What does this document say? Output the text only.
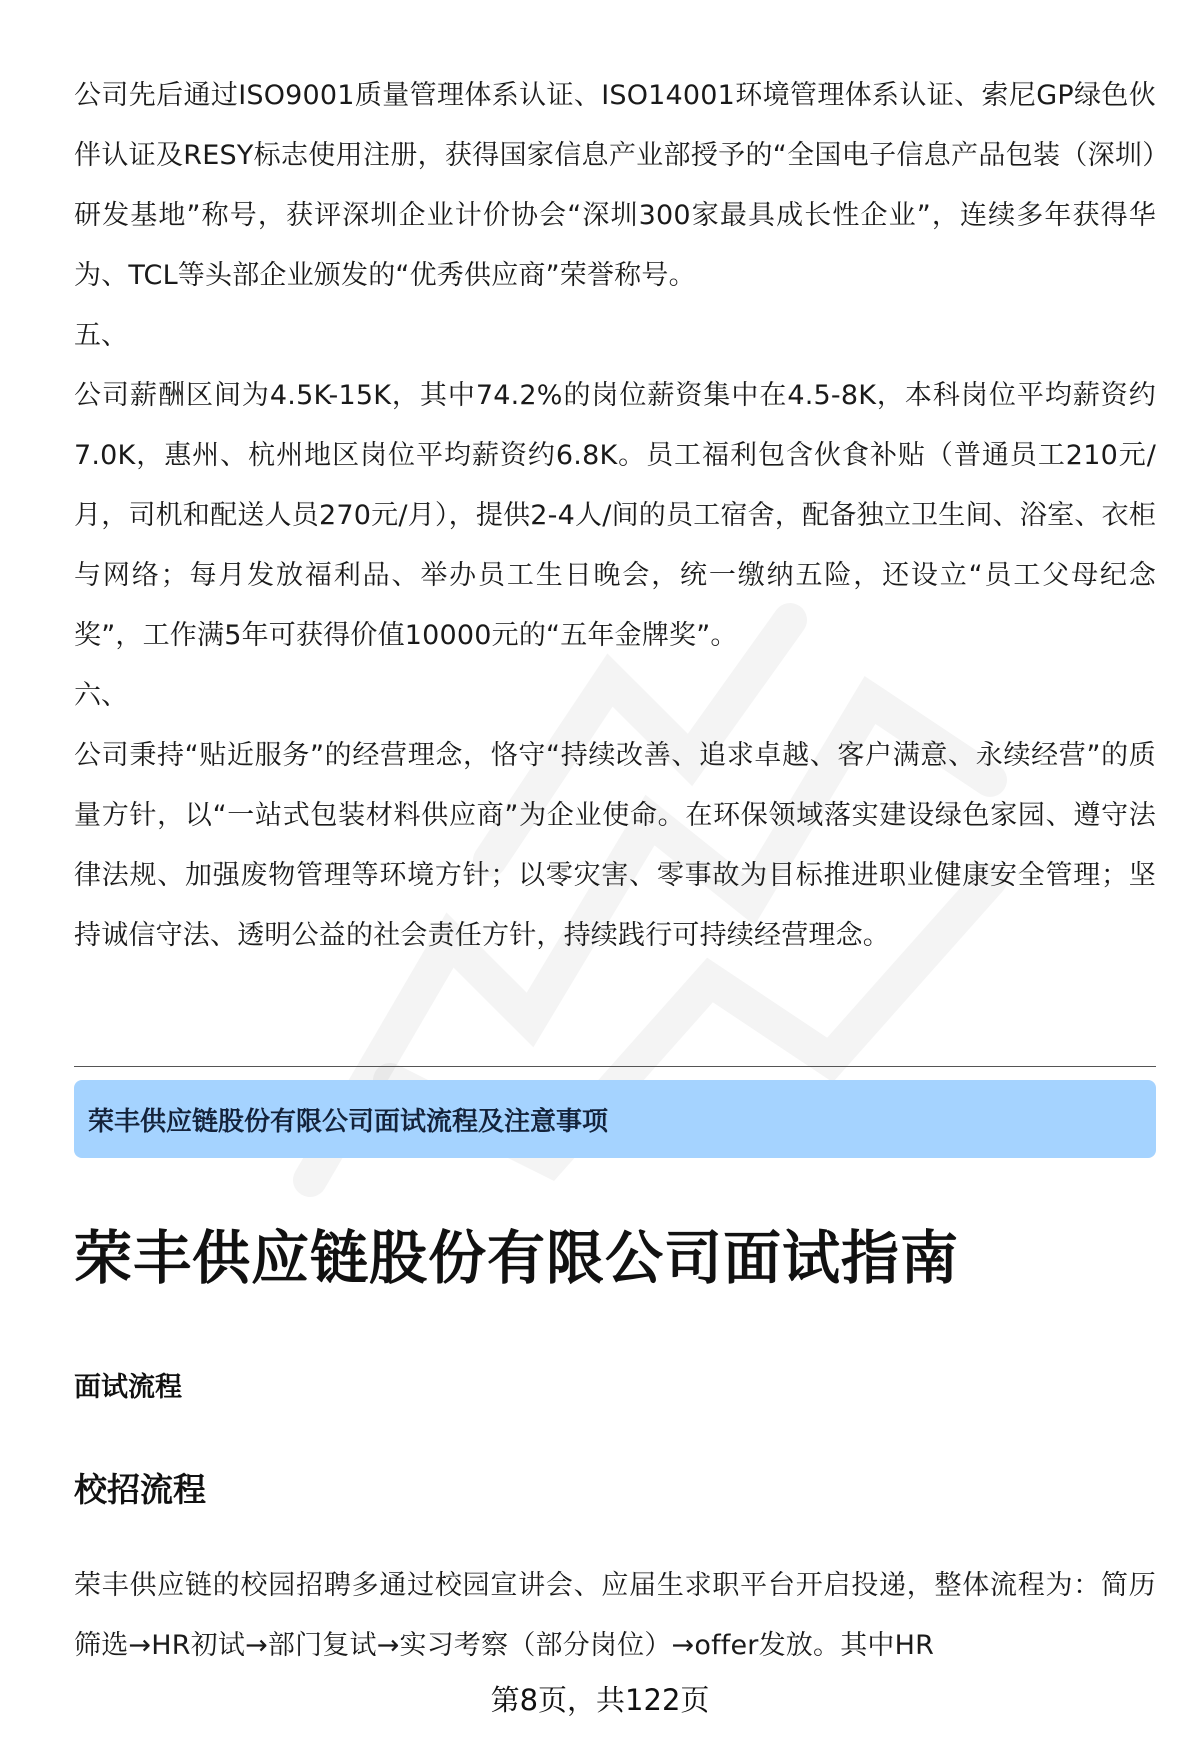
公司先后通过ISO9001质量管理体系认证、ISO14001环境管理体系认证、索尼GP绿色伙伴认证及RESY标志使用注册，获得国家信息产业部授予的“全国电子信息产品包装（深圳）研发基地”称号，获评深圳企业计价协会“深圳300家最具成长性企业”，连续多年获得华为、TCL等头部企业颁发的“优秀供应商”荣誉称号。

五、

公司薪酬区间为4.5K-15K，其中74.2%的岗位薪资集中在4.5-8K，本科岗位平均薪资约7.0K，惠州、杭州地区岗位平均薪资约6.8K。员工福利包含伙食补贴（普通员工210元/月，司机和配送人员270元/月），提供2-4人/间的员工宿舍，配备独立卫生间、浴室、衣柜与网络；每月发放福利品、举办员工生日晚会，统一缴纳五险，还设立“员工父母纪念奖”，工作满5年可获得价值10000元的“五年金牌奖”。

六、

公司秉持“贴近服务”的经营理念，恪守“持续改善、追求卓越、客户满意、永续经营”的质量方针，以“一站式包装材料供应商”为企业使命。在环保领域落实建设绿色家园、遵守法律法规、加强废物管理等环境方针；以零灾害、零事故为目标推进职业健康安全管理；坚持诚信守法、透明公益的社会责任方针，持续践行可持续经营理念。

荣丰供应链股份有限公司面试流程及注意事项
荣丰供应链股份有限公司面试指南
面试流程
校招流程

荣丰供应链的校园招聘多通过校园宣讲会、应届生求职平台开启投递，整体流程为：简历筛选→HR初试→部门复试→实习考察（部分岗位）→offer发放。其中HR

第8页，共122页
